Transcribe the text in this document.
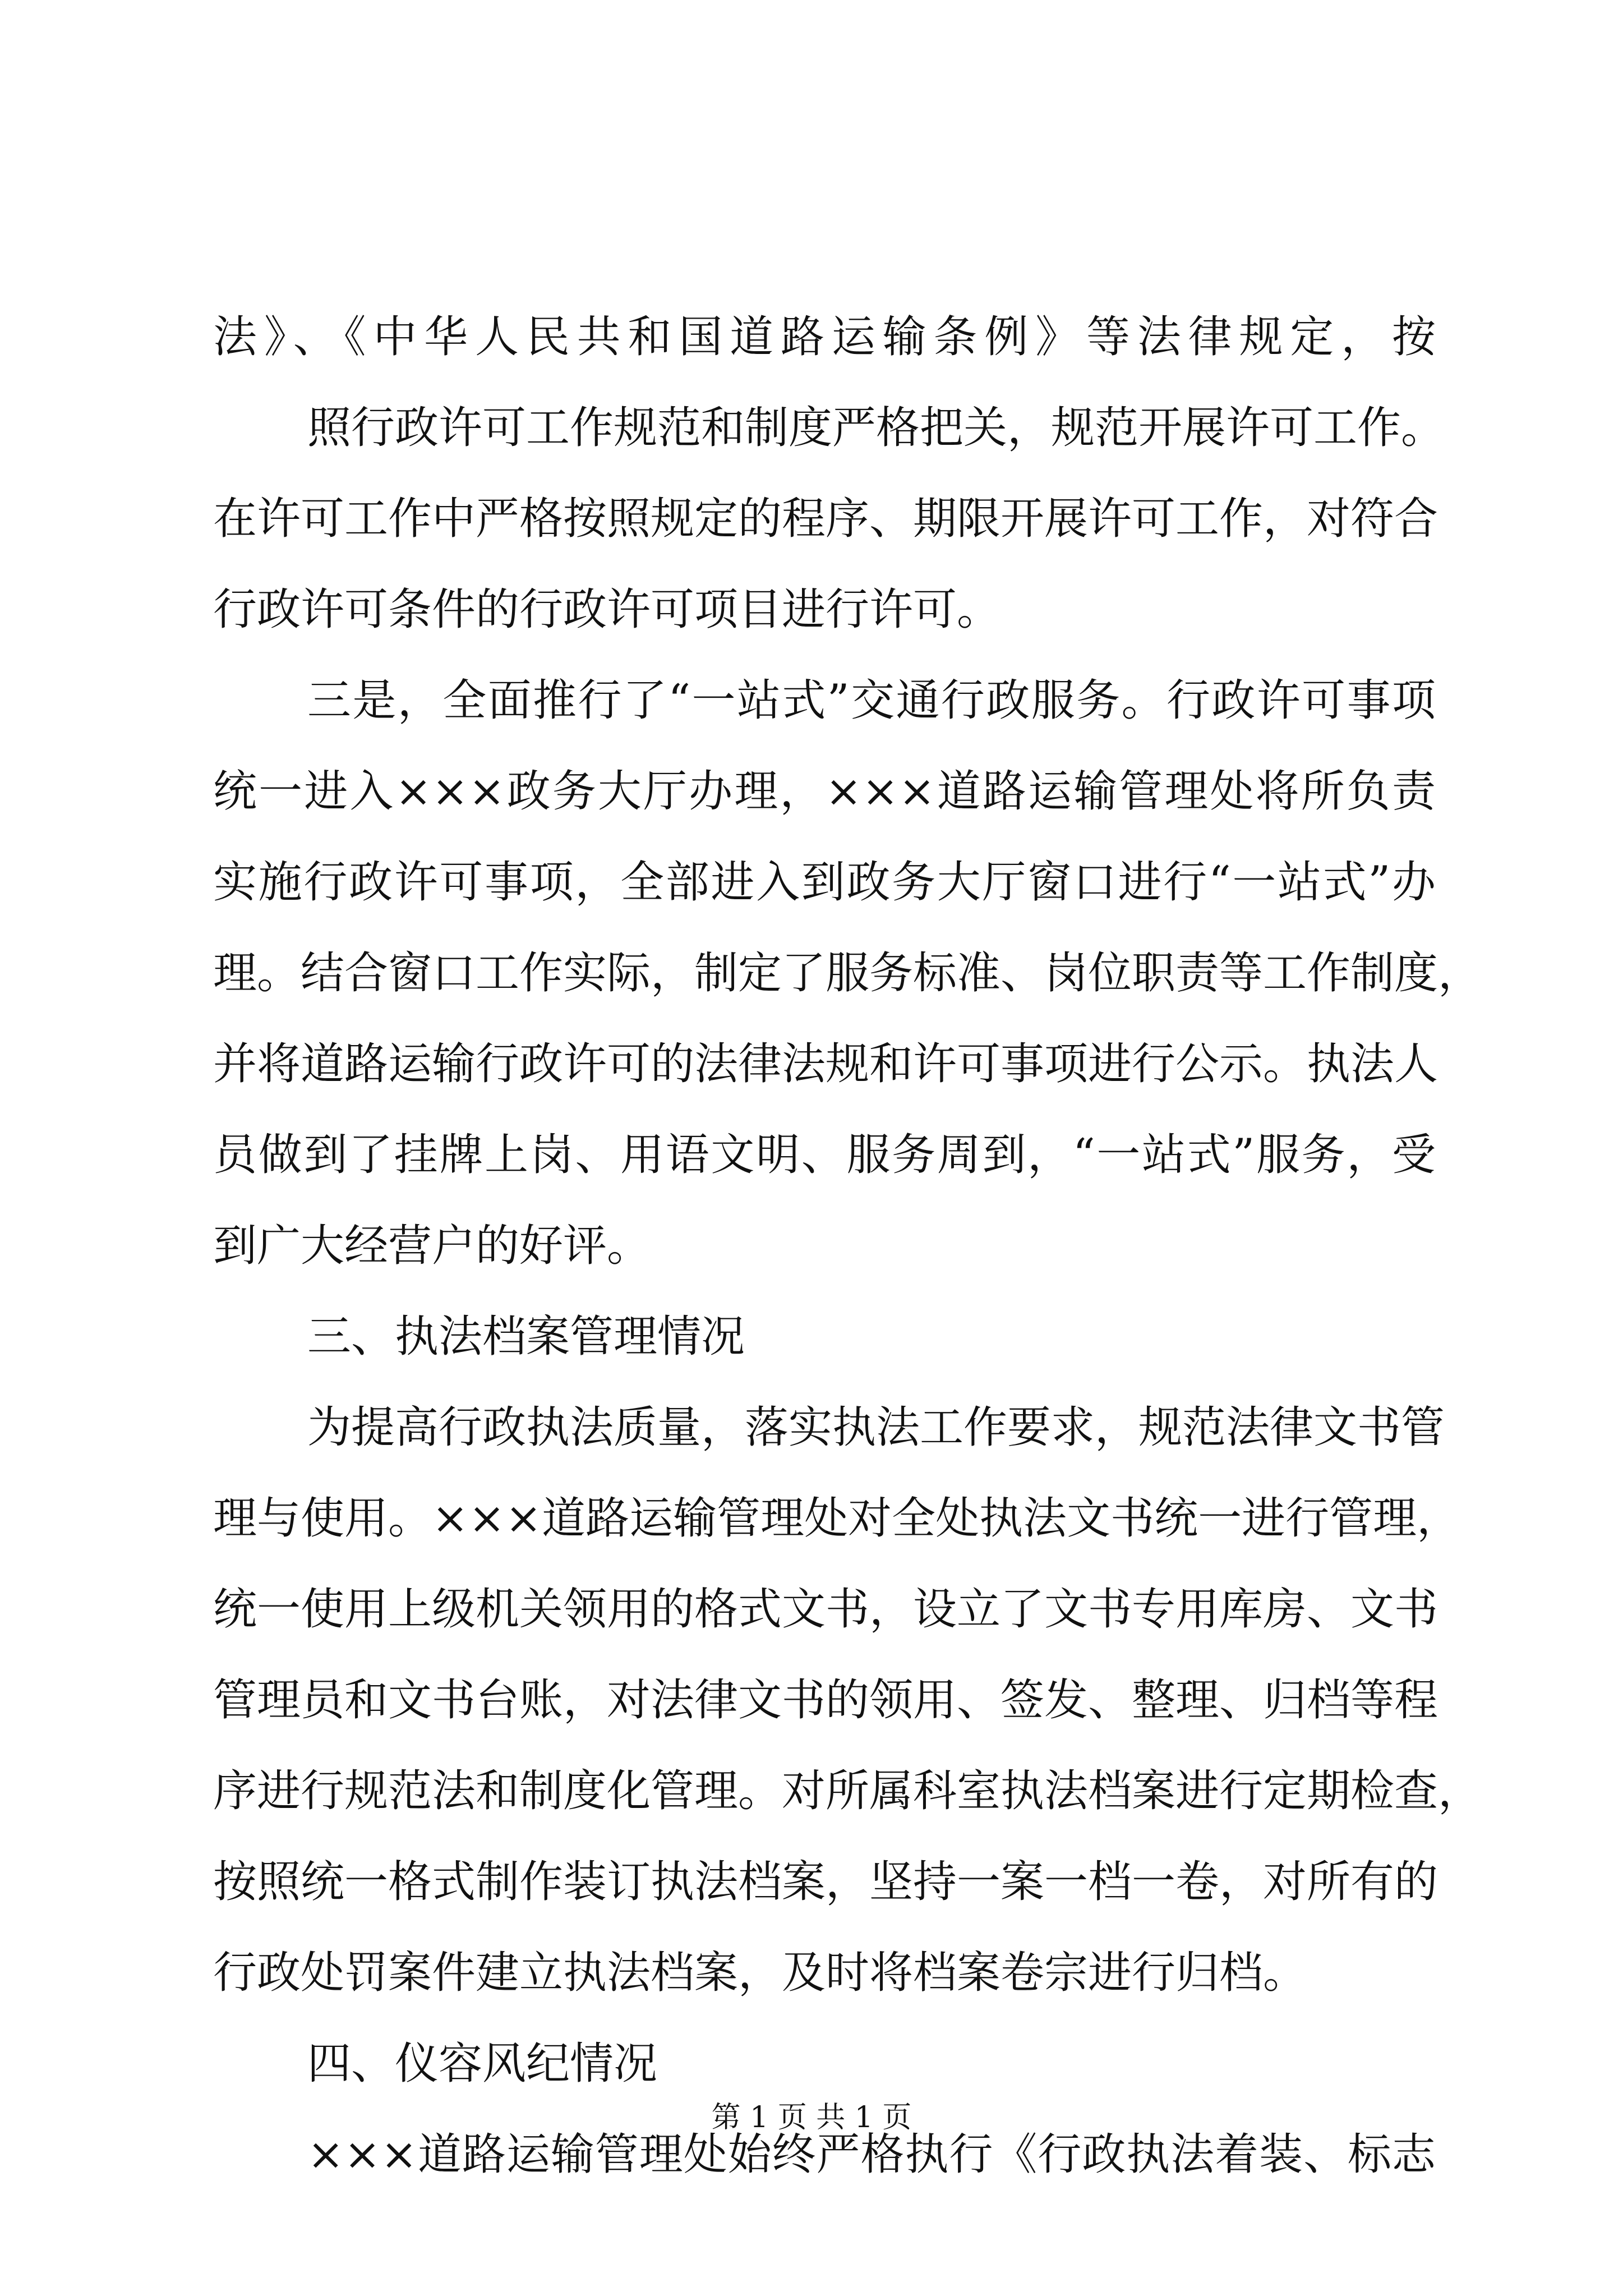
法》、《中华人民共和国道路运输条例》等法律规定，按
照行政许可工作规范和制度严格把关，规范开展许可工作。
在许可工作中严格按照规定的程序、期限开展许可工作，对符合
行政许可条件的行政许可项目进行许可。
三是，全面推行了“一站式”交通行政服务。行政许可事项
统一进入×××政务大厅办理，×××道路运输管理处将所负责
实施行政许可事项，全部进入到政务大厅窗口进行“一站式”办
理。结合窗口工作实际，制定了服务标准、岗位职责等工作制度，
并将道路运输行政许可的法律法规和许可事项进行公示。执法人
员做到了挂牌上岗、用语文明、服务周到，“一站式”服务，受
到广大经营户的好评。
三、执法档案管理情况
为提高行政执法质量，落实执法工作要求，规范法律文书管
理与使用。×××道路运输管理处对全处执法文书统一进行管理，
统一使用上级机关领用的格式文书，设立了文书专用库房、文书
管理员和文书台账，对法律文书的领用、签发、整理、归档等程
序进行规范法和制度化管理。对所属科室执法档案进行定期检查，
按照统一格式制作装订执法档案，坚持一案一档一卷，对所有的
行政处罚案件建立执法档案，及时将档案卷宗进行归档。
四、仪容风纪情况
×××道路运输管理处始终严格执行《行政执法着装、标志
第 1 页 共 1 页
